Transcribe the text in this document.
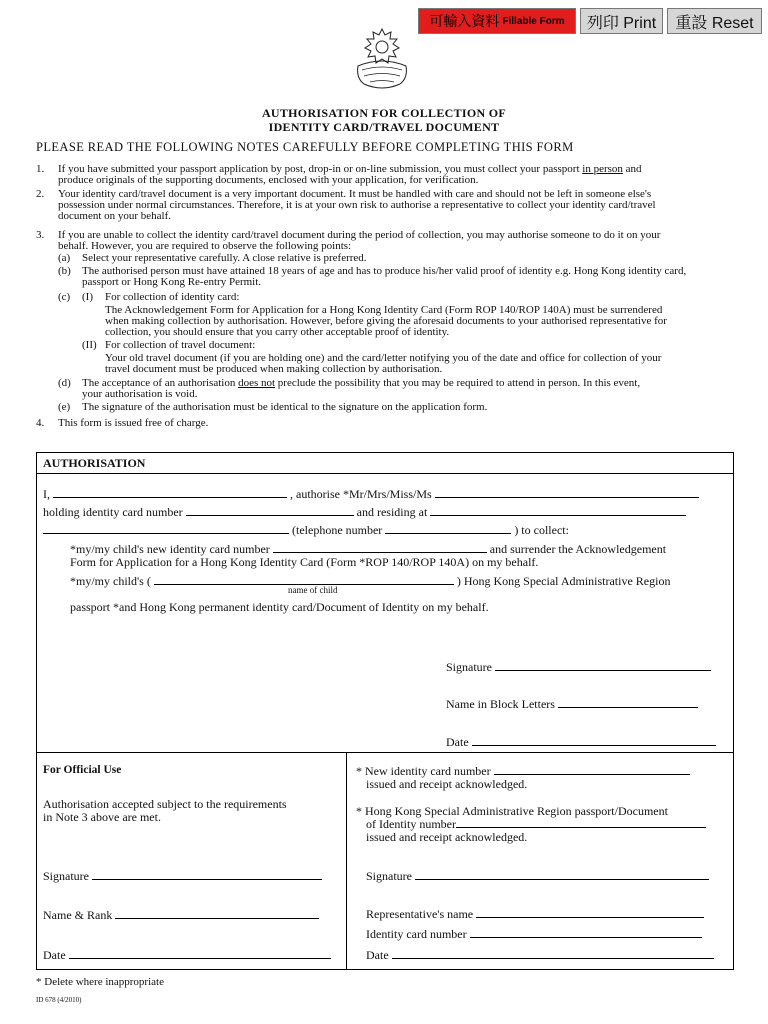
可輸入資料 Fillable Form	列印 Print	重設 Reset
AUTHORISATION FOR COLLECTION OF
IDENTITY CARD/TRAVEL DOCUMENT
PLEASE READ THE FOLLOWING NOTES CAREFULLY BEFORE COMPLETING THIS FORM
1. If you have submitted your passport application by post, drop-in or on-line submission, you must collect your passport in person and
produce originals of the supporting documents, enclosed with your application, for verification.
2. Your identity card/travel document is a very important document. It must be handled with care and should not be left in someone else's
possession under normal circumstances. Therefore, it is at your own risk to authorise a representative to collect your identity card/travel
document on your behalf.
3. If you are unable to collect the identity card/travel document during the period of collection, you may authorise someone to do it on your
behalf. However, you are required to observe the following points:
(a) Select your representative carefully. A close relative is preferred.
(b) The authorised person must have attained 18 years of age and has to produce his/her valid proof of identity e.g. Hong Kong identity card,
passport or Hong Kong Re-entry Permit.
(c) (I) For collection of identity card:
The Acknowledgement Form for Application for a Hong Kong Identity Card (Form ROP 140/ROP 140A) must be surrendered
when making collection by authorisation. However, before giving the aforesaid documents to your authorised representative for
collection, you should ensure that you carry other acceptable proof of identity.
(II) For collection of travel document:
Your old travel document (if you are holding one) and the card/letter notifying you of the date and office for collection of your
travel document must be produced when making collection by authorisation.
(d) The acceptance of an authorisation does not preclude the possibility that you may be required to attend in person. In this event,
your authorisation is void.
(e) The signature of the authorisation must be identical to the signature on the application form.
4. This form is issued free of charge.
AUTHORISATION
I,	, authorise *Mr/Mrs/Miss/Ms
holding identity card number	and residing at
(telephone number	) to collect:
*my/my child's new identity card number	and surrender the Acknowledgement
Form for Application for a Hong Kong Identity Card (Form *ROP 140/ROP 140A) on my behalf.
*my/my child's (	) Hong Kong Special Administrative Region
name of child
passport *and Hong Kong permanent identity card/Document of Identity on my behalf.
Signature
Name in Block Letters
Date
For Official Use
Authorisation accepted subject to the requirements
in Note 3 above are met.
Signature
Name & Rank
Date
* New identity card number
issued and receipt acknowledged.
* Hong Kong Special Administrative Region passport/Document
of Identity number
issued and receipt acknowledged.
Signature
Representative's name
Identity card number
Date
* Delete where inappropriate
ID 678 (4/2010)
